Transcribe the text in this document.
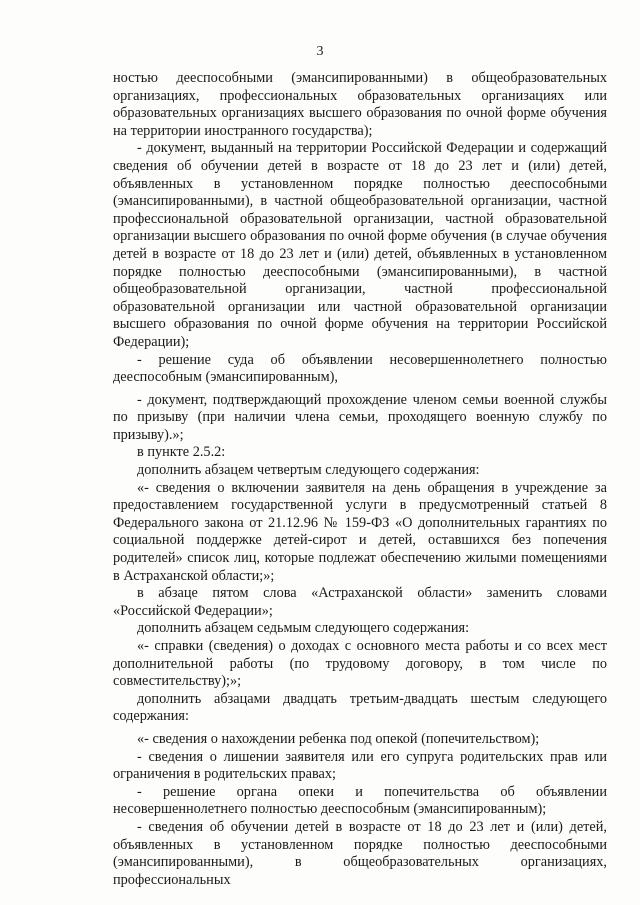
3

ностью дееспособными (эмансипированными) в общеобразовательных организациях, профессиональных образовательных организациях или образовательных организациях высшего образования по очной форме обучения на территории иностранного государства);

- документ, выданный на территории Российской Федерации и содержащий сведения об обучении детей в возрасте от 18 до 23 лет и (или) детей, объявленных в установленном порядке полностью дееспособными (эмансипированными), в частной общеобразовательной организации, частной профессиональной образовательной организации, частной образовательной организации высшего образования по очной форме обучения (в случае обучения детей в возрасте от 18 до 23 лет и (или) детей, объявленных в установленном порядке полностью дееспособными (эмансипированными), в частной общеобразовательной организации, частной профессиональной образовательной организации или частной образовательной организации высшего образования по очной форме обучения на территории Российской Федерации);

- решение суда об объявлении несовершеннолетнего полностью дееспособным (эмансипированным),

- документ, подтверждающий прохождение членом семьи военной службы по призыву (при наличии члена семьи, проходящего военную службу по призыву).»;

в пункте 2.5.2:

дополнить абзацем четвертым следующего содержания:

«- сведения о включении заявителя на день обращения в учреждение за предоставлением государственной услуги в предусмотренный статьей 8 Федерального закона от 21.12.96 № 159-ФЗ «О дополнительных гарантиях по социальной поддержке детей-сирот и детей, оставшихся без попечения родителей» список лиц, которые подлежат обеспечению жилыми помещениями в Астраханской области;»;

в абзаце пятом слова «Астраханской области» заменить словами «Российской Федерации»;

дополнить абзацем седьмым следующего содержания:

«- справки (сведения) о доходах с основного места работы и со всех мест дополнительной работы (по трудовому договору, в том числе по совместительству);»;

дополнить абзацами двадцать третьим-двадцать шестым следующего содержания:

«- сведения о нахождении ребенка под опекой (попечительством);

- сведения о лишении заявителя или его супруга родительских прав или ограничения в родительских правах;

- решение органа опеки и попечительства об объявлении несовершеннолетнего полностью дееспособным (эмансипированным);

- сведения об обучении детей в возрасте от 18 до 23 лет и (или) детей, объявленных в установленном порядке полностью дееспособными (эмансипированными), в общеобразовательных организациях, профессиональных
